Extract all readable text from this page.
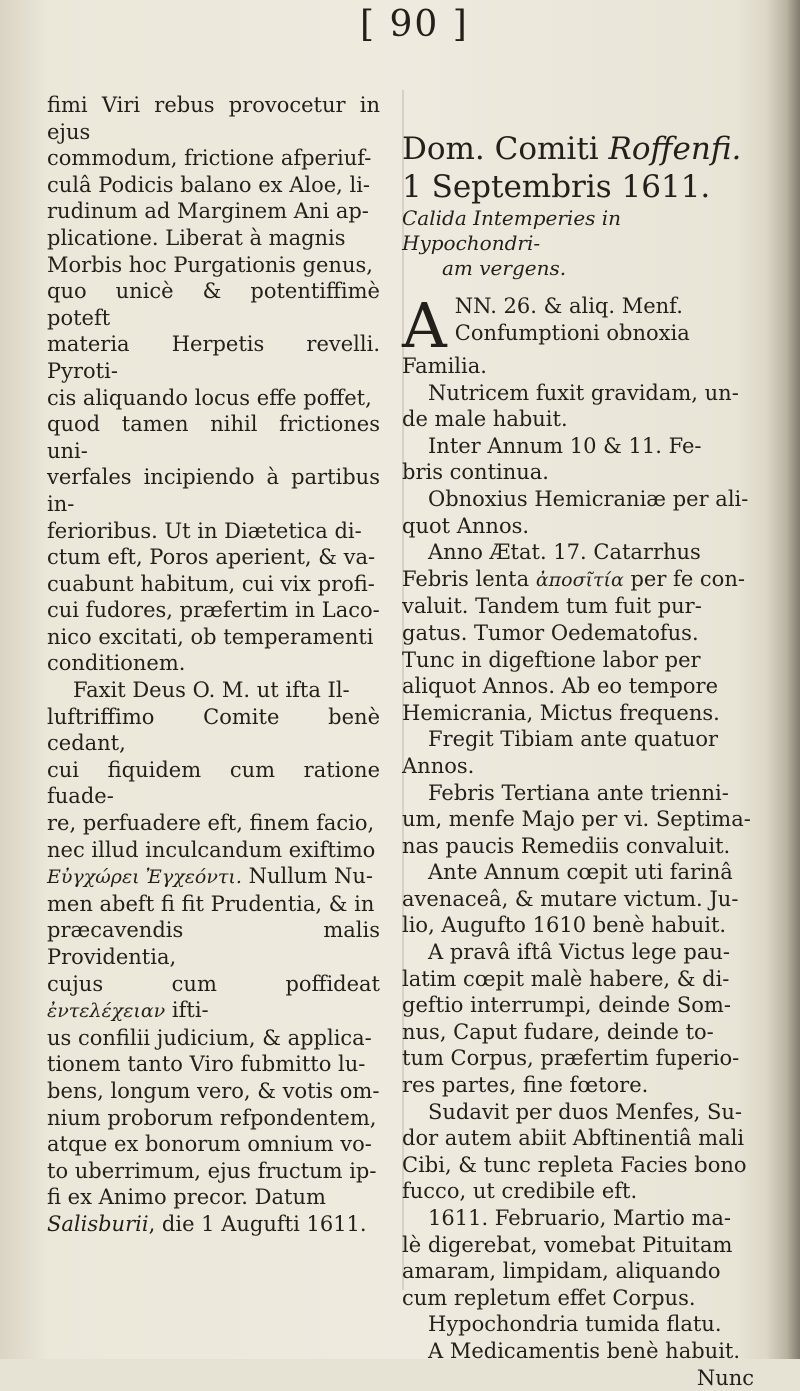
[ 90 ]

fimi Viri rebus provocetur in ejus

commodum, frictione afperiuf-

culâ Podicis balano ex Aloe, li-

rudinum ad Marginem Ani ap-

plicatione. Liberat à magnis

Morbis hoc Purgationis genus,

quo unicè & potentiffimè poteft

materia Herpetis revelli. Pyroti-

cis aliquando locus effe poffet,

quod tamen nihil frictiones uni-

verfales incipiendo à partibus in-

ferioribus. Ut in Diætetica di-

ctum eft, Poros aperient, & va-

cuabunt habitum, cui vix profi-

cui fudores, præfertim in Laco-

nico excitati, ob temperamenti

conditionem.

Faxit Deus O. M. ut ifta Il-

luftriffimo Comite benè cedant,

cui fiquidem cum ratione fuade-

re, perfuadere eft, finem facio,

nec illud inculcandum exiftimo

Εὐγχώρει Ἐγχεόντι. Nullum Nu-

men abeft fi fit Prudentia, & in

præcavendis malis Providentia,

cujus cum poffideat ἐντελέχειαν ifti-

us confilii judicium, & applica-

tionem tanto Viro fubmitto lu-

bens, longum vero, & votis om-

nium proborum refpondentem,

atque ex bonorum omnium vo-

to uberrimum, ejus fructum ip-

fi ex Animo precor. Datum

Salisburii, die 1 Augufti 1611.

Dom. Comiti Roffenfi.

1 Septembris 1611.

Calida Intemperies in Hypochondri-

am vergens.

A NN. 26. & aliq. Menf.

Confumptioni obnoxia

Familia.

Nutricem fuxit gravidam, un-

de male habuit.

Inter Annum 10 & 11. Fe-

bris continua.

Obnoxius Hemicraniæ per ali-

quot Annos.

Anno Ætat. 17. Catarrhus

Febris lenta ἀποσῖτία per fe con-

valuit. Tandem tum fuit pur-

gatus. Tumor Oedematofus.

Tunc in digeftione labor per

aliquot Annos. Ab eo tempore

Hemicrania, Mictus frequens.

Fregit Tibiam ante quatuor

Annos.

Febris Tertiana ante trienni-

um, menfe Majo per vi. Septima-

nas paucis Remediis convaluit.

Ante Annum cœpit uti farinâ

avenaceâ, & mutare victum. Ju-

lio, Augufto 1610 benè habuit.

A pravâ iftâ Victus lege pau-

latim cœpit malè habere, & di-

geftio interrumpi, deinde Som-

nus, Caput fudare, deinde to-

tum Corpus, præfertim fuperio-

res partes, fine fœtore.

Sudavit per duos Menfes, Su-

dor autem abiit Abftinentiâ mali

Cibi, & tunc repleta Facies bono

fucco, ut credibile eft.

1611. Februario, Martio ma-

lè digerebat, vomebat Pituitam

amaram, limpidam, aliquando

cum repletum effet Corpus.

Hypochondria tumida flatu.

A Medicamentis benè habuit.

Nunc
